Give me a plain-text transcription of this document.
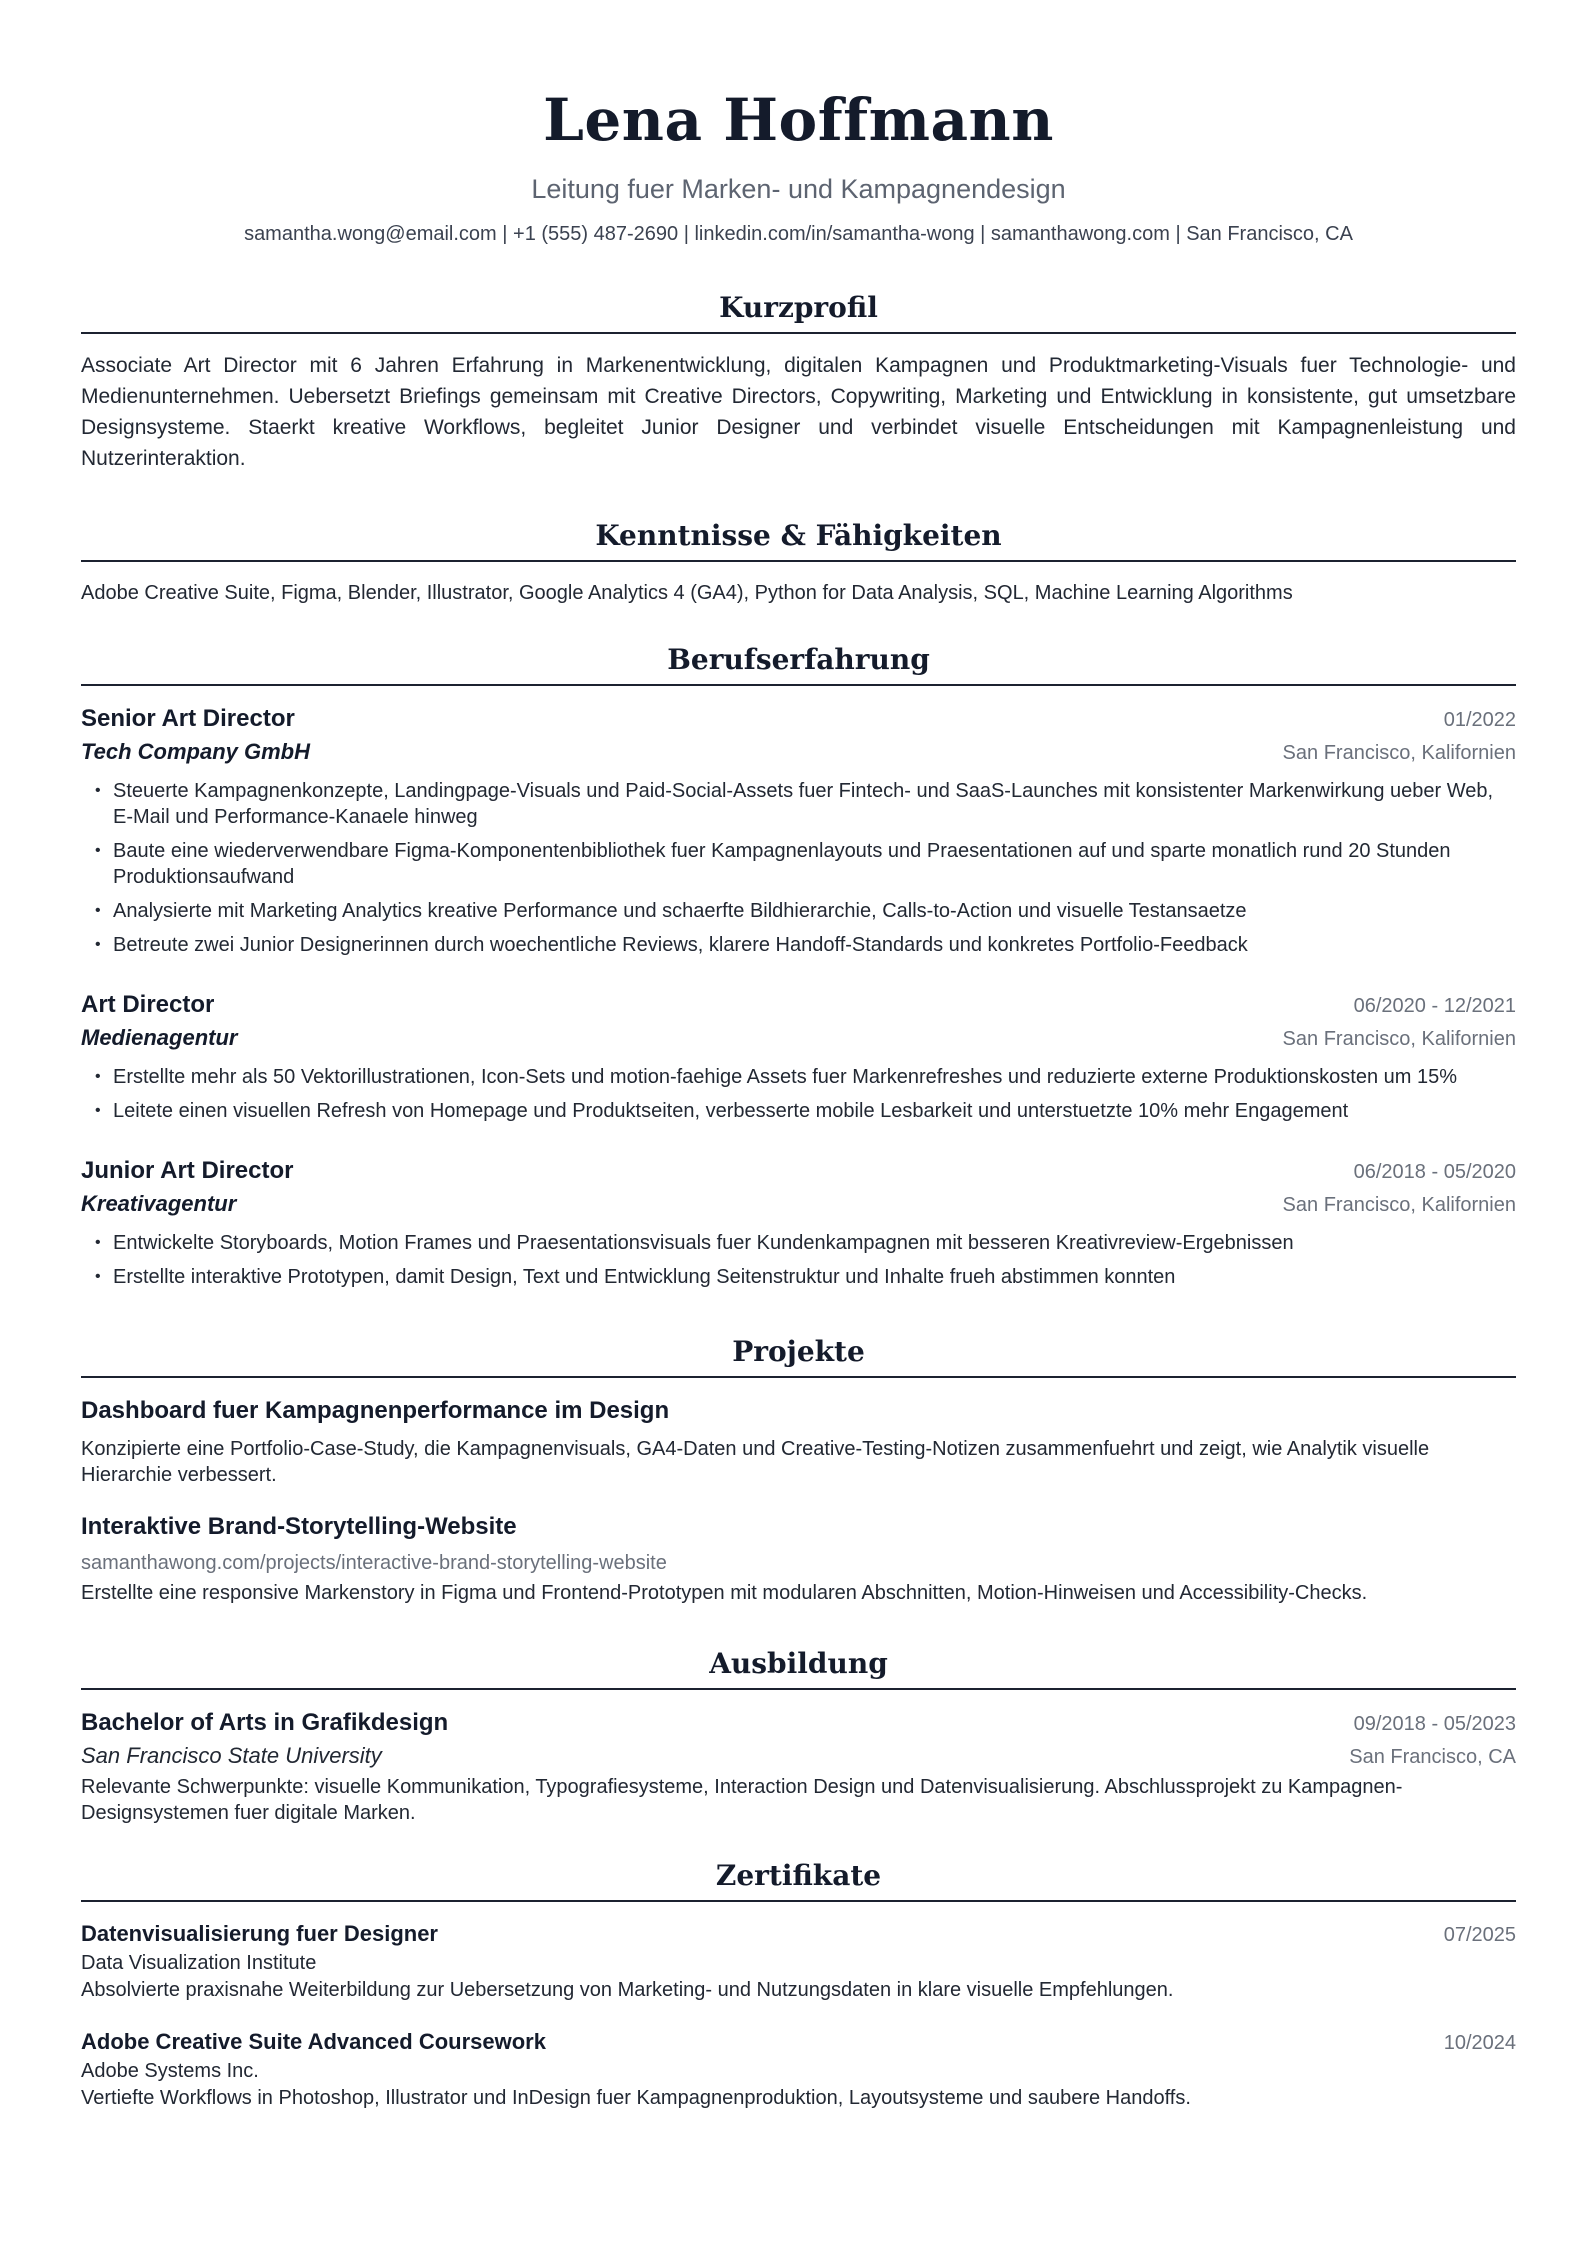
Lena Hoffmann
Leitung fuer Marken- und Kampagnendesign
samantha.wong@email.com | +1 (555) 487-2690 | linkedin.com/in/samantha-wong | samanthawong.com | San Francisco, CA
Kurzprofil
Associate Art Director mit 6 Jahren Erfahrung in Markenentwicklung, digitalen Kampagnen und Produktmarketing-Visuals fuer Technologie- und Medienunternehmen. Uebersetzt Briefings gemeinsam mit Creative Directors, Copywriting, Marketing und Entwicklung in konsistente, gut umsetzbare Designsysteme. Staerkt kreative Workflows, begleitet Junior Designer und verbindet visuelle Entscheidungen mit Kampagnenleistung und Nutzerinteraktion.
Kenntnisse & Fähigkeiten
Adobe Creative Suite, Figma, Blender, Illustrator, Google Analytics 4 (GA4), Python for Data Analysis, SQL, Machine Learning Algorithms
Berufserfahrung
Senior Art Director	01/2022
Tech Company GmbH	San Francisco, Kalifornien
• Steuerte Kampagnenkonzepte, Landingpage-Visuals und Paid-Social-Assets fuer Fintech- und SaaS-Launches mit konsistenter Markenwirkung ueber Web, E-Mail und Performance-Kanaele hinweg
• Baute eine wiederverwendbare Figma-Komponentenbibliothek fuer Kampagnenlayouts und Praesentationen auf und sparte monatlich rund 20 Stunden Produktionsaufwand
• Analysierte mit Marketing Analytics kreative Performance und schaerfte Bildhierarchie, Calls-to-Action und visuelle Testansaetze
• Betreute zwei Junior Designerinnen durch woechentliche Reviews, klarere Handoff-Standards und konkretes Portfolio-Feedback
Art Director	06/2020 - 12/2021
Medienagentur	San Francisco, Kalifornien
• Erstellte mehr als 50 Vektorillustrationen, Icon-Sets und motion-faehige Assets fuer Markenrefreshes und reduzierte externe Produktionskosten um 15%
• Leitete einen visuellen Refresh von Homepage und Produktseiten, verbesserte mobile Lesbarkeit und unterstuetzte 10% mehr Engagement
Junior Art Director	06/2018 - 05/2020
Kreativagentur	San Francisco, Kalifornien
• Entwickelte Storyboards, Motion Frames und Praesentationsvisuals fuer Kundenkampagnen mit besseren Kreativreview-Ergebnissen
• Erstellte interaktive Prototypen, damit Design, Text und Entwicklung Seitenstruktur und Inhalte frueh abstimmen konnten
Projekte
Dashboard fuer Kampagnenperformance im Design
Konzipierte eine Portfolio-Case-Study, die Kampagnenvisuals, GA4-Daten und Creative-Testing-Notizen zusammenfuehrt und zeigt, wie Analytik visuelle Hierarchie verbessert.
Interaktive Brand-Storytelling-Website
samanthawong.com/projects/interactive-brand-storytelling-website
Erstellte eine responsive Markenstory in Figma und Frontend-Prototypen mit modularen Abschnitten, Motion-Hinweisen und Accessibility-Checks.
Ausbildung
Bachelor of Arts in Grafikdesign	09/2018 - 05/2023
San Francisco State University	San Francisco, CA
Relevante Schwerpunkte: visuelle Kommunikation, Typografiesysteme, Interaction Design und Datenvisualisierung. Abschlussprojekt zu Kampagnen-Designsystemen fuer digitale Marken.
Zertifikate
Datenvisualisierung fuer Designer	07/2025
Data Visualization Institute
Absolvierte praxisnahe Weiterbildung zur Uebersetzung von Marketing- und Nutzungsdaten in klare visuelle Empfehlungen.
Adobe Creative Suite Advanced Coursework	10/2024
Adobe Systems Inc.
Vertiefte Workflows in Photoshop, Illustrator und InDesign fuer Kampagnenproduktion, Layoutsysteme und saubere Handoffs.
